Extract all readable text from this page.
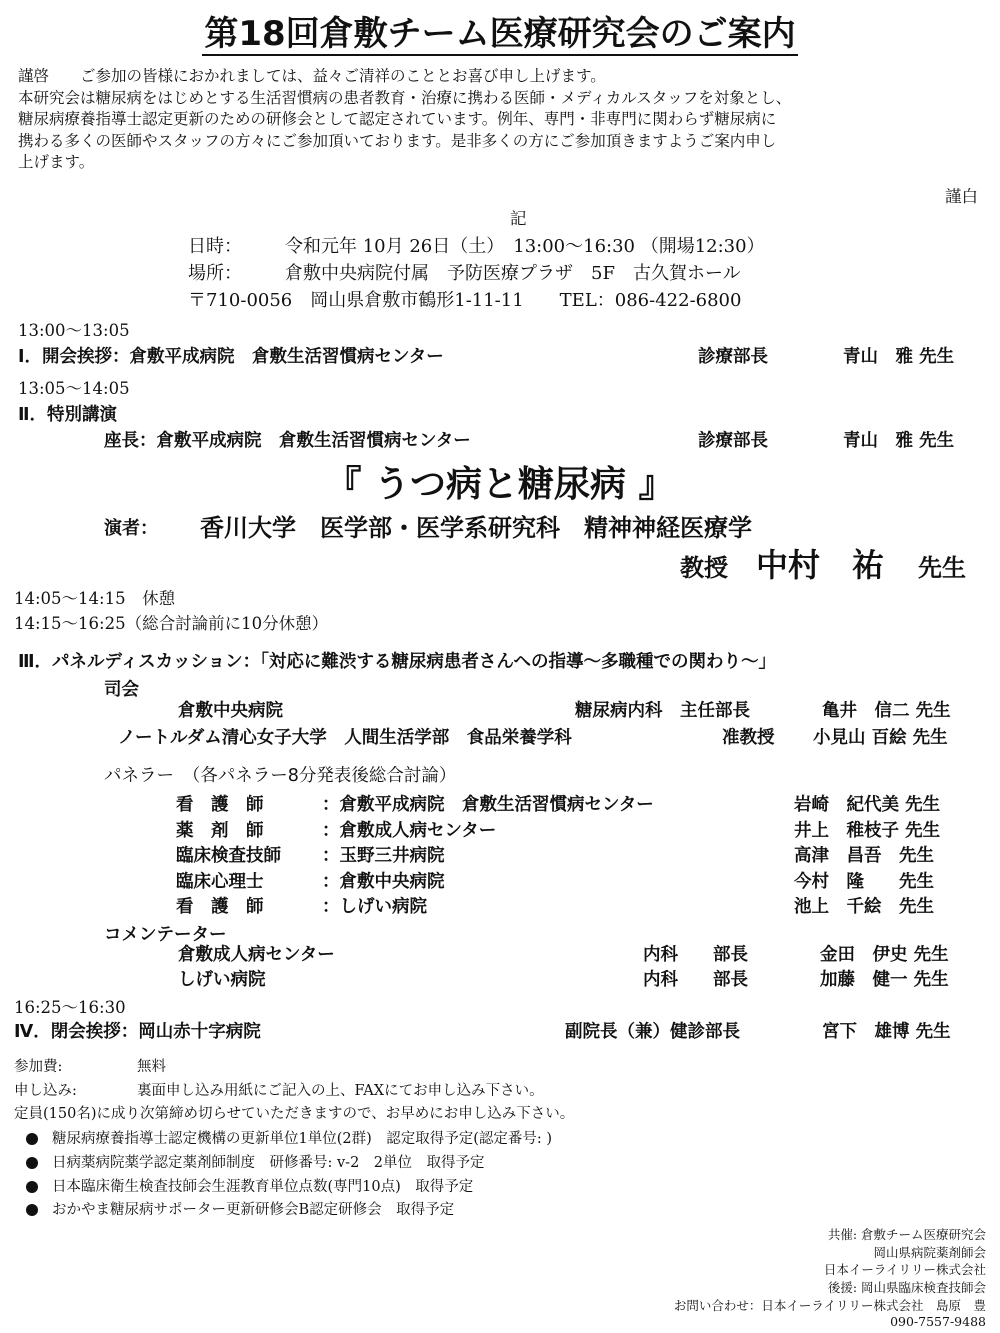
第18回倉敷チーム医療研究会のご案内

謹啓　　ご参加の皆様におかれましては、益々ご清祥のこととお喜び申し上げます。

本研究会は糖尿病をはじめとする生活習慣病の患者教育・治療に携わる医師・メディカルスタッフを対象とし、

糖尿病療養指導士認定更新のための研修会として認定されています。例年、専門・非専門に関わらず糖尿病に

携わる多くの医師やスタッフの方々にご参加頂いております。是非多くの方にご参加頂きますようご案内申し

上げます。

謹白
記
日時： 令和元年 10月 26日（土）　13:00～16:30 （開場12:30）
場所： 倉敷中央病院付属　予防医療プラザ　5F　古久賀ホール
〒710-0056　岡山県倉敷市鶴形1-11-11　　TEL：086-422-6800
13:00～13:05
Ⅰ．開会挨拶：倉敷平成病院　倉敷生活習慣病センター	診療部長	青山　雅 先生
13:05～14:05
Ⅱ．特別講演
座長：倉敷平成病院　倉敷生活習慣病センター	診療部長	青山　雅 先生
『 うつ病と糖尿病 』
演者： 香川大学　医学部・医学系研究科　精神神経医療学
教授 中村　祐 先生
14:05～14:15　休憩
14:15～16:25（総合討論前に10分休憩）
Ⅲ．パネルディスカッション：「対応に難渋する糖尿病患者さんへの指導～多職種での関わり～」
司会
倉敷中央病院	糖尿病内科　主任部長	亀井　信二 先生
ノートルダム清心女子大学　人間生活学部　食品栄養学科	准教授 小見山 百絵 先生
パネラー　（各パネラー8分発表後総合討論）
看　護　師	：倉敷平成病院　倉敷生活習慣病センター	岩崎　紀代美 先生
薬　剤　師	：倉敷成人病センター	井上　稚枝子 先生
臨床検査技師 ：玉野三井病院	高津　昌吾　先生
臨床心理士	：倉敷中央病院	今村　隆　　先生
看　護　師	：しげい病院	池上　千絵　先生
コメンテーター
倉敷成人病センター	内科　　部長	金田　伊史 先生
しげい病院	内科　　部長	加藤　健一 先生
16:25～16:30
Ⅳ．閉会挨拶：岡山赤十字病院	副院長（兼）健診部長	宮下　雄博 先生
参加費:	無料
申し込み:	裏面申し込み用紙にご記入の上、FAXにてお申し込み下さい。
定員(150名)に成り次第締め切らせていただきますので、お早めにお申し込み下さい。
糖尿病療養指導士認定機構の更新単位1単位(2群)　認定取得予定(認定番号: )
日病薬病院薬学認定薬剤師制度　研修番号: v-2　2単位　取得予定
日本臨床衛生検査技師会生涯教育単位点数(専門10点)　取得予定
おかやま糖尿病サポーター更新研修会B認定研修会　取得予定
共催: 倉敷チーム医療研究会
岡山県病院薬剤師会
日本イーライリリー株式会社
後援: 岡山県臨床検査技師会
お問い合わせ：日本イーライリリー株式会社　島原　豊
090-7557-9488
